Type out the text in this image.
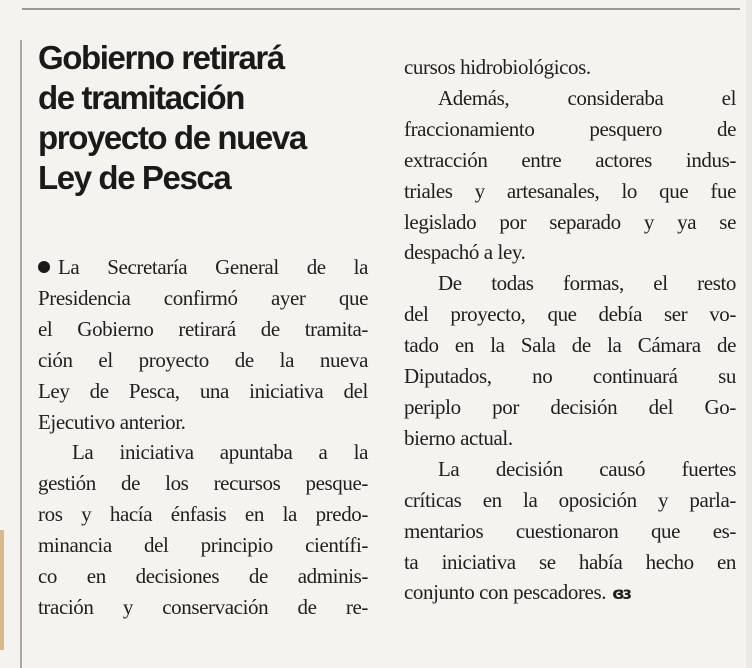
Gobierno retirará
de tramitación
proyecto de nueva
Ley de Pesca
La Secretaría General de la
Presidencia confirmó ayer que
el Gobierno retirará de tramita-
ción el proyecto de la nueva
Ley de Pesca, una iniciativa del
Ejecutivo anterior.
La iniciativa apuntaba a la
gestión de los recursos pesque-
ros y hacía énfasis en la predo-
minancia del principio científi-
co en decisiones de adminis-
tración y conservación de re-
cursos hidrobiológicos.
Además, consideraba el
fraccionamiento pesquero de
extracción entre actores indus-
triales y artesanales, lo que fue
legislado por separado y ya se
despachó a ley.
De todas formas, el resto
del proyecto, que debía ser vo-
tado en la Sala de la Cámara de
Diputados, no continuará su
periplo por decisión del Go-
bierno actual.
La decisión causó fuertes
críticas en la oposición y parla-
mentarios cuestionaron que es-
ta iniciativa se había hecho en
conjunto con pescadores. ɞɜ
